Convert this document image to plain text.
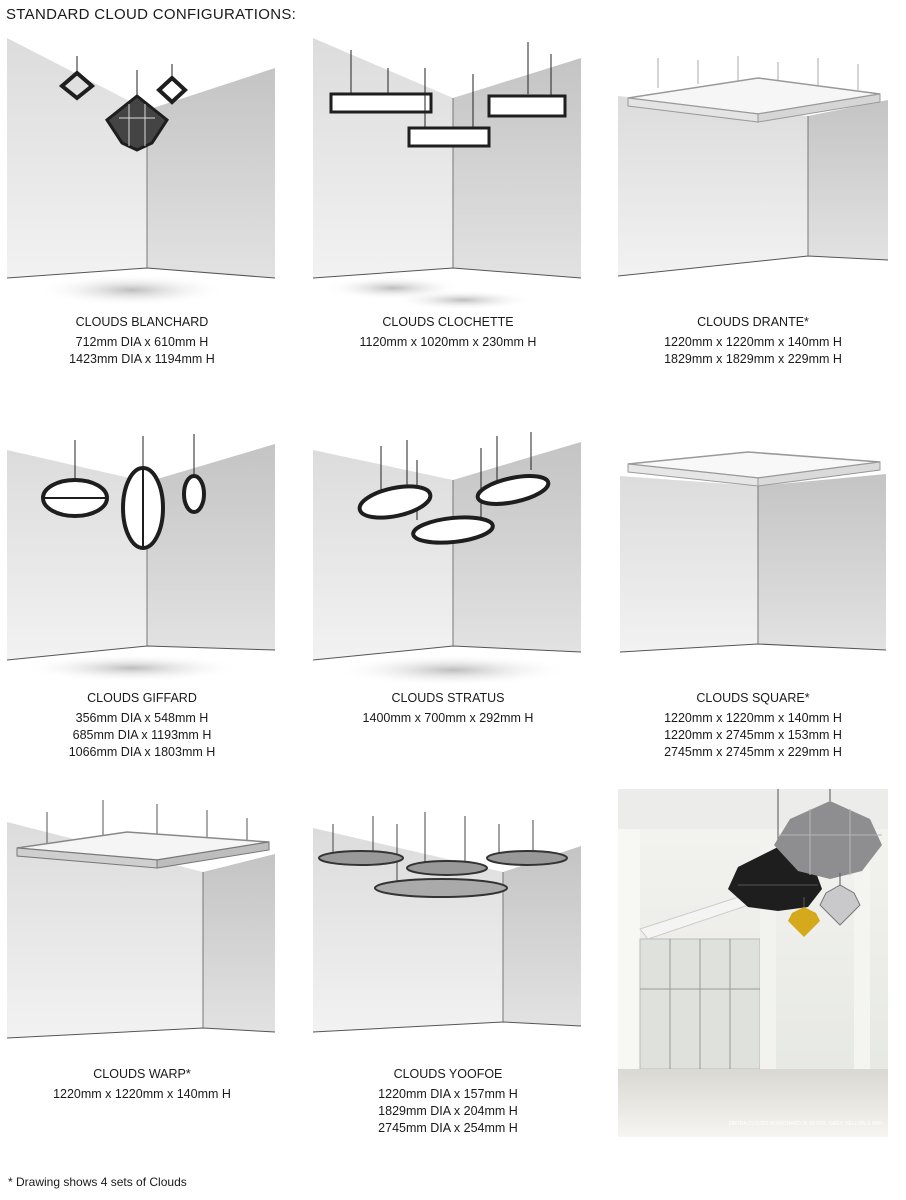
STANDARD CLOUD CONFIGURATIONS:
CLOUDS BLANCHARD
712mm DIA x 610mm H
1423mm DIA x 1194mm H
CLOUDS CLOCHETTE
1120mm x 1020mm x 230mm H
CLOUDS DRANTE*
1220mm x 1220mm x 140mm H
1829mm x 1829mm x 229mm H
CLOUDS GIFFARD
356mm DIA x 548mm H
685mm DIA x 1193mm H
1066mm DIA x 1803mm H
CLOUDS STRATUS
1400mm x 700mm x 292mm H
CLOUDS SQUARE*
1220mm x 1220mm x 140mm H
1220mm x 2745mm x 153mm H
2745mm x 2745mm x 229mm H
CLOUDS WARP*
1220mm x 1220mm x 140mm H
CLOUDS YOOFOE
1220mm DIA x 157mm H
1829mm DIA x 204mm H
2745mm DIA x 254mm H	ZINTRA CLOUDS BLANCHARD IN SILVER, GREY, YELLOW & ASH
* Drawing shows 4 sets of Clouds
